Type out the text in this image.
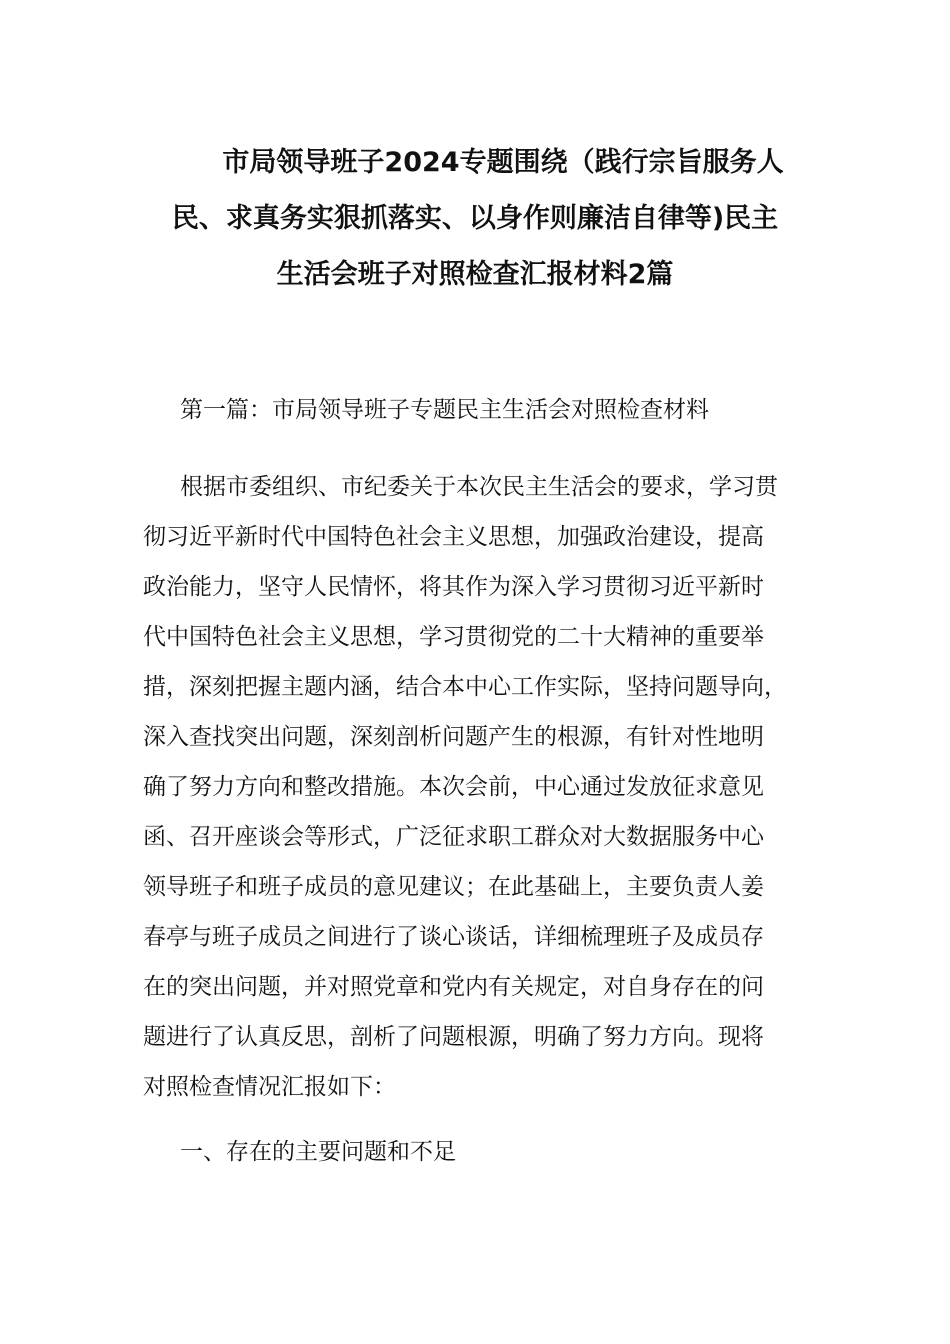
市局领导班子2024专题围绕（践行宗旨服务人
民、求真务实狠抓落实、以身作则廉洁自律等)民主
生活会班子对照检查汇报材料2篇

第一篇：市局领导班子专题民主生活会对照检查材料

根据市委组织、市纪委关于本次民主生活会的要求，学习贯
彻习近平新时代中国特色社会主义思想，加强政治建设，提高
政治能力，坚守人民情怀，将其作为深入学习贯彻习近平新时
代中国特色社会主义思想，学习贯彻党的二十大精神的重要举
措，深刻把握主题内涵，结合本中心工作实际，坚持问题导向，
深入查找突出问题，深刻剖析问题产生的根源，有针对性地明
确了努力方向和整改措施。本次会前，中心通过发放征求意见
函、召开座谈会等形式，广泛征求职工群众对大数据服务中心
领导班子和班子成员的意见建议；在此基础上，主要负责人姜
春亭与班子成员之间进行了谈心谈话，详细梳理班子及成员存
在的突出问题，并对照党章和党内有关规定，对自身存在的问
题进行了认真反思，剖析了问题根源，明确了努力方向。现将
对照检查情况汇报如下：

一、存在的主要问题和不足
